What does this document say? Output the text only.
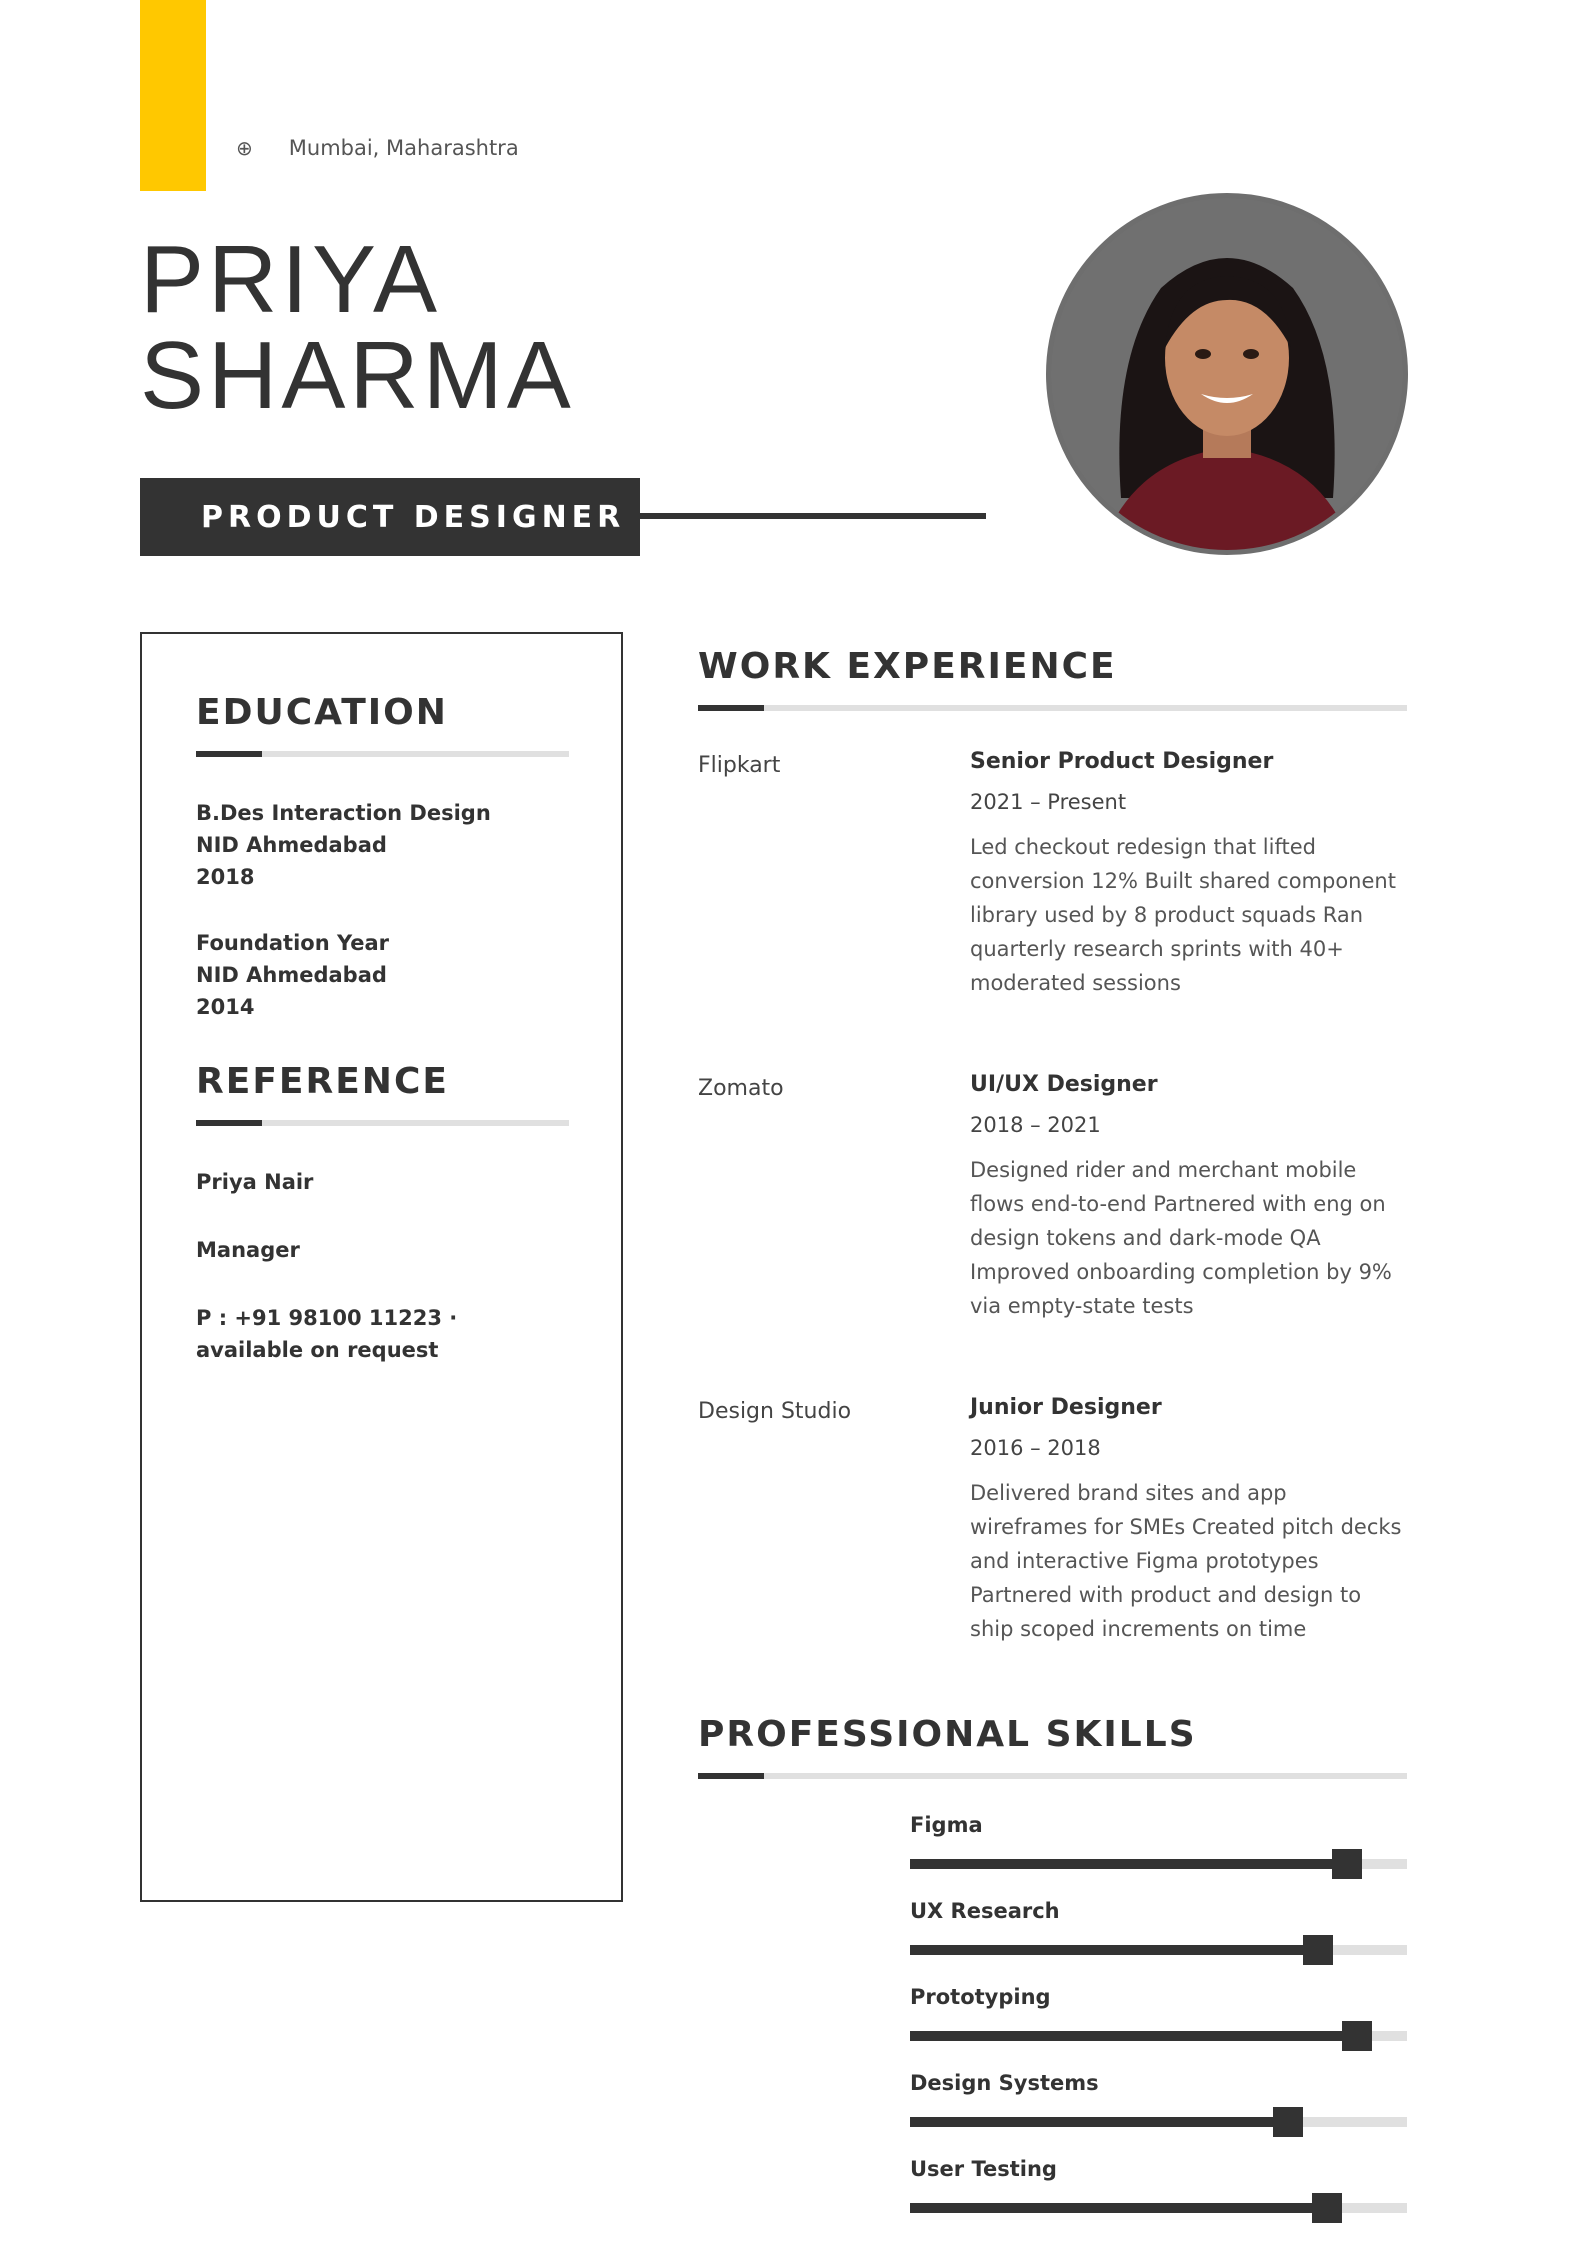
⊕ Mumbai, Maharashtra
PRIYA
SHARMA
PRODUCT DESIGNER
EDUCATION
B.Des Interaction Design
NID Ahmedabad
2018
Foundation Year
NID Ahmedabad
2014
REFERENCE
Priya Nair
Manager
P : +91 98100 11223 · available on request
WORK EXPERIENCE
Flipkart	Senior Product Designer
2021 – Present
Led checkout redesign that lifted conversion 12% Built shared component library used by 8 product squads Ran quarterly research sprints with 40+ moderated sessions
Zomato	UI/UX Designer
2018 – 2021
Designed rider and merchant mobile flows end-to-end Partnered with eng on design tokens and dark-mode QA Improved onboarding completion by 9% via empty-state tests
Design Studio	Junior Designer
2016 – 2018
Delivered brand sites and app wireframes for SMEs Created pitch decks and interactive Figma prototypes Partnered with product and design to ship scoped increments on time
PROFESSIONAL SKILLS
Figma
UX Research
Prototyping
Design Systems
User Testing
